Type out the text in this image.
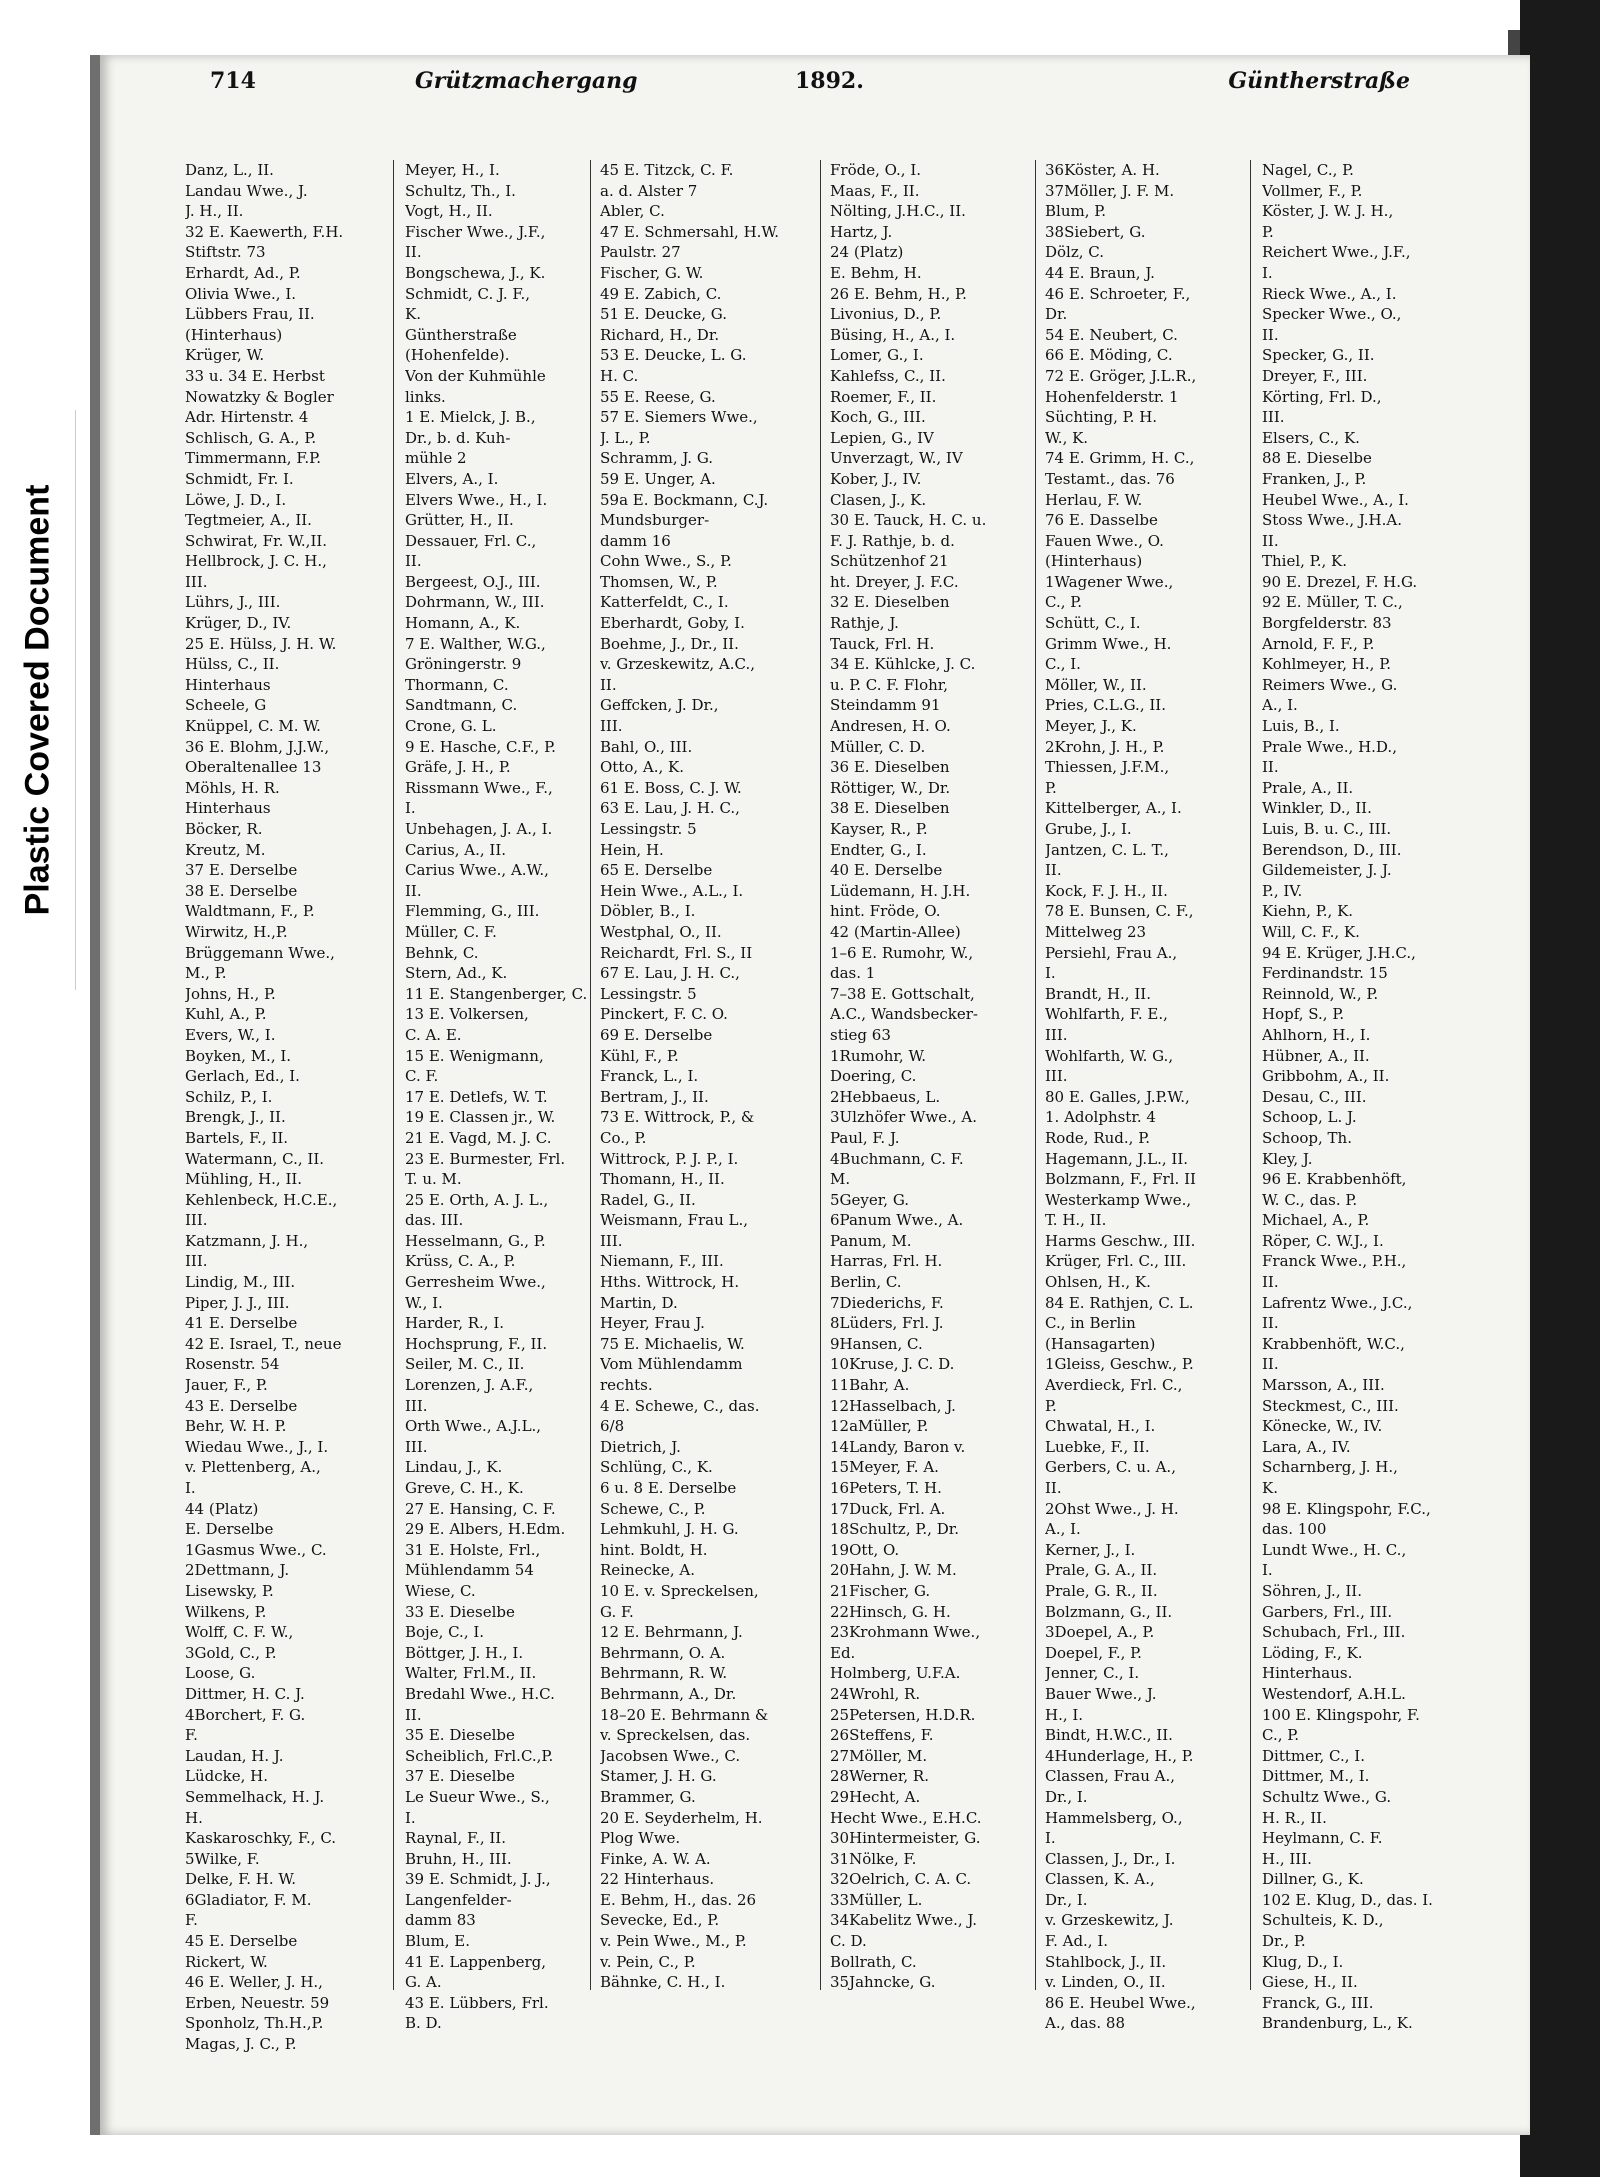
Plastic Covered Document
714	Grützmachergang	1892.	Güntherstraße
Danz, L., II.
Landau Wwe., J.
J. H., II.
32 E. Kaewerth, F.H.
Stiftstr. 73
Erhardt, Ad., P.
Olivia Wwe., I.
Lübbers Frau, II.
(Hinterhaus)
Krüger, W.
33 u. 34 E. Herbst
Nowatzky & Bogler
Adr. Hirtenstr. 4
Schlisch, G. A., P.
Timmermann, F.P.
Schmidt, Fr. I.
Löwe, J. D., I.
Tegtmeier, A., II.
Schwirat, Fr. W.,II.
Hellbrock, J. C. H.,
III.
Lührs, J., III.
Krüger, D., IV.
25 E. Hülss, J. H. W.
Hülss, C., II.
Hinterhaus
Scheele, G
Knüppel, C. M. W.
36 E. Blohm, J.J.W.,
Oberaltenallee 13
Möhls, H. R.
Hinterhaus
Böcker, R.
Kreutz, M.
37 E. Derselbe
38 E. Derselbe
Waldtmann, F., P.
Wirwitz, H.,P.
Brüggemann Wwe.,
M., P.
Johns, H., P.
Kuhl, A., P.
Evers, W., I.
Boyken, M., I.
Gerlach, Ed., I.
Schilz, P., I.
Brengk, J., II.
Bartels, F., II.
Watermann, C., II.
Mühling, H., II.
Kehlenbeck, H.C.E.,
III.
Katzmann, J. H.,
III.
Lindig, M., III.
Piper, J. J., III.
41 E. Derselbe
42 E. Israel, T., neue
Rosenstr. 54
Jauer, F., P.
43 E. Derselbe
Behr, W. H. P.
Wiedau Wwe., J., I.
v. Plettenberg, A.,
I.
44 (Platz)
E. Derselbe
1Gasmus Wwe., C.
2Dettmann, J.
Lisewsky, P.
Wilkens, P.
Wolff, C. F. W.,
3Gold, C., P.
Loose, G.
Dittmer, H. C. J.
4Borchert, F. G.
F.
Laudan, H. J.
Lüdcke, H.
Semmelhack, H. J.
H.
Kaskaroschky, F., C.
5Wilke, F.
Delke, F. H. W.
6Gladiator, F. M.
F.
45 E. Derselbe
Rickert, W.
46 E. Weller, J. H.,
Erben, Neuestr. 59
Sponholz, Th.H.,P.
Magas, J. C., P.
Meyer, H., I.
Schultz, Th., I.
Vogt, H., II.
Fischer Wwe., J.F.,
II.
Bongschewa, J., K.
Schmidt, C. J. F.,
K.
Güntherstraße
(Hohenfelde).
Von der Kuhmühle
links.
1 E. Mielck, J. B.,
Dr., b. d. Kuh-
mühle 2
Elvers, A., I.
Elvers Wwe., H., I.
Grütter, H., II.
Dessauer, Frl. C.,
II.
Bergeest, O.J., III.
Dohrmann, W., III.
Homann, A., K.
7 E. Walther, W.G.,
Gröningerstr. 9
Thormann, C.
Sandtmann, C.
Crone, G. L.
9 E. Hasche, C.F., P.
Gräfe, J. H., P.
Rissmann Wwe., F.,
I.
Unbehagen, J. A., I.
Carius, A., II.
Carius Wwe., A.W.,
II.
Flemming, G., III.
Müller, C. F.
Behnk, C.
Stern, Ad., K.
11 E. Stangenberger, C.
13 E. Volkersen,
C. A. E.
15 E. Wenigmann,
C. F.
17 E. Detlefs, W. T.
19 E. Classen jr., W.
21 E. Vagd, M. J. C.
23 E. Burmester, Frl.
T. u. M.
25 E. Orth, A. J. L.,
das. III.
Hesselmann, G., P.
Krüss, C. A., P.
Gerresheim Wwe.,
W., I.
Harder, R., I.
Hochsprung, F., II.
Seiler, M. C., II.
Lorenzen, J. A.F.,
III.
Orth Wwe., A.J.L.,
III.
Lindau, J., K.
Greve, C. H., K.
27 E. Hansing, C. F.
29 E. Albers, H.Edm.
31 E. Holste, Frl.,
Mühlendamm 54
Wiese, C.
33 E. Dieselbe
Boje, C., I.
Böttger, J. H., I.
Walter, Frl.M., II.
Bredahl Wwe., H.C.
II.
35 E. Dieselbe
Scheiblich, Frl.C.,P.
37 E. Dieselbe
Le Sueur Wwe., S.,
I.
Raynal, F., II.
Bruhn, H., III.
39 E. Schmidt, J. J.,
Langenfelder-
damm 83
Blum, E.
41 E. Lappenberg,
G. A.
43 E. Lübbers, Frl.
B. D.
45 E. Titzck, C. F.
a. d. Alster 7
Abler, C.
47 E. Schmersahl, H.W.
Paulstr. 27
Fischer, G. W.
49 E. Zabich, C.
51 E. Deucke, G.
Richard, H., Dr.
53 E. Deucke, L. G.
H. C.
55 E. Reese, G.
57 E. Siemers Wwe.,
J. L., P.
Schramm, J. G.
59 E. Unger, A.
59a E. Bockmann, C.J.
Mundsburger-
damm 16
Cohn Wwe., S., P.
Thomsen, W., P.
Katterfeldt, C., I.
Eberhardt, Goby, I.
Boehme, J., Dr., II.
v. Grzeskewitz, A.C.,
II.
Geffcken, J. Dr.,
III.
Bahl, O., III.
Otto, A., K.
61 E. Boss, C. J. W.
63 E. Lau, J. H. C.,
Lessingstr. 5
Hein, H.
65 E. Derselbe
Hein Wwe., A.L., I.
Döbler, B., I.
Westphal, O., II.
Reichardt, Frl. S., II
67 E. Lau, J. H. C.,
Lessingstr. 5
Pinckert, F. C. O.
69 E. Derselbe
Kühl, F., P.
Franck, L., I.
Bertram, J., II.
73 E. Wittrock, P., &
Co., P.
Wittrock, P. J. P., I.
Thomann, H., II.
Radel, G., II.
Weismann, Frau L.,
III.
Niemann, F., III.
Hths. Wittrock, H.
Martin, D.
Heyer, Frau J.
75 E. Michaelis, W.
Vom Mühlendamm
rechts.
4 E. Schewe, C., das.
6/8
Dietrich, J.
Schlüng, C., K.
6 u. 8 E. Derselbe
Schewe, C., P.
Lehmkuhl, J. H. G.
hint. Boldt, H.
Reinecke, A.
10 E. v. Spreckelsen,
G. F.
12 E. Behrmann, J.
Behrmann, O. A.
Behrmann, R. W.
Behrmann, A., Dr.
18–20 E. Behrmann &
v. Spreckelsen, das.
Jacobsen Wwe., C.
Stamer, J. H. G.
Brammer, G.
20 E. Seyderhelm, H.
Plog Wwe.
Finke, A. W. A.
22 Hinterhaus.
E. Behm, H., das. 26
Sevecke, Ed., P.
v. Pein Wwe., M., P.
v. Pein, C., P.
Bähnke, C. H., I.
Fröde, O., I.
Maas, F., II.
Nölting, J.H.C., II.
Hartz, J.
24 (Platz)
E. Behm, H.
26 E. Behm, H., P.
Livonius, D., P.
Büsing, H., A., I.
Lomer, G., I.
Kahlefss, C., II.
Roemer, F., II.
Koch, G., III.
Lepien, G., IV
Unverzagt, W., IV
Kober, J., IV.
Clasen, J., K.
30 E. Tauck, H. C. u.
F. J. Rathje, b. d.
Schützenhof 21
ht. Dreyer, J. F.C.
32 E. Dieselben
Rathje, J.
Tauck, Frl. H.
34 E. Kühlcke, J. C.
u. P. C. F. Flohr,
Steindamm 91
Andresen, H. O.
Müller, C. D.
36 E. Dieselben
Röttiger, W., Dr.
38 E. Dieselben
Kayser, R., P.
Endter, G., I.
40 E. Derselbe
Lüdemann, H. J.H.
hint. Fröde, O.
42 (Martin-Allee)
1–6 E. Rumohr, W.,
das. 1
7–38 E. Gottschalt,
A.C., Wandsbecker-
stieg 63
1Rumohr, W.
Doering, C.
2Hebbaeus, L.
3Ulzhöfer Wwe., A.
Paul, F. J.
4Buchmann, C. F.
M.
5Geyer, G.
6Panum Wwe., A.
Panum, M.
Harras, Frl. H.
Berlin, C.
7Diederichs, F.
8Lüders, Frl. J.
9Hansen, C.
10Kruse, J. C. D.
11Bahr, A.
12Hasselbach, J.
12aMüller, P.
14Landy, Baron v.
15Meyer, F. A.
16Peters, T. H.
17Duck, Frl. A.
18Schultz, P., Dr.
19Ott, O.
20Hahn, J. W. M.
21Fischer, G.
22Hinsch, G. H.
23Krohmann Wwe.,
Ed.
Holmberg, U.F.A.
24Wrohl, R.
25Petersen, H.D.R.
26Steffens, F.
27Möller, M.
28Werner, R.
29Hecht, A.
Hecht Wwe., E.H.C.
30Hintermeister, G.
31Nölke, F.
32Oelrich, C. A. C.
33Müller, L.
34Kabelitz Wwe., J.
C. D.
Bollrath, C.
35Jahncke, G.
36Köster, A. H.
37Möller, J. F. M.
Blum, P.
38Siebert, G.
Dölz, C.
44 E. Braun, J.
46 E. Schroeter, F.,
Dr.
54 E. Neubert, C.
66 E. Möding, C.
72 E. Gröger, J.L.R.,
Hohenfelderstr. 1
Süchting, P. H.
W., K.
74 E. Grimm, H. C.,
Testamt., das. 76
Herlau, F. W.
76 E. Dasselbe
Fauen Wwe., O.
(Hinterhaus)
1Wagener Wwe.,
C., P.
Schütt, C., I.
Grimm Wwe., H.
C., I.
Möller, W., II.
Pries, C.L.G., II.
Meyer, J., K.
2Krohn, J. H., P.
Thiessen, J.F.M.,
P.
Kittelberger, A., I.
Grube, J., I.
Jantzen, C. L. T.,
II.
Kock, F. J. H., II.
78 E. Bunsen, C. F.,
Mittelweg 23
Persiehl, Frau A.,
I.
Brandt, H., II.
Wohlfarth, F. E.,
III.
Wohlfarth, W. G.,
III.
80 E. Galles, J.P.W.,
1. Adolphstr. 4
Rode, Rud., P.
Hagemann, J.L., II.
Bolzmann, F., Frl. II
Westerkamp Wwe.,
T. H., II.
Harms Geschw., III.
Krüger, Frl. C., III.
Ohlsen, H., K.
84 E. Rathjen, C. L.
C., in Berlin
(Hansagarten)
1Gleiss, Geschw., P.
Averdieck, Frl. C.,
P.
Chwatal, H., I.
Luebke, F., II.
Gerbers, C. u. A.,
II.
2Ohst Wwe., J. H.
A., I.
Kerner, J., I.
Prale, G. A., II.
Prale, G. R., II.
Bolzmann, G., II.
3Doepel, A., P.
Doepel, F., P.
Jenner, C., I.
Bauer Wwe., J.
H., I.
Bindt, H.W.C., II.
4Hunderlage, H., P.
Classen, Frau A.,
Dr., I.
Hammelsberg, O.,
I.
Classen, J., Dr., I.
Classen, K. A.,
Dr., I.
v. Grzeskewitz, J.
F. Ad., I.
Stahlbock, J., II.
v. Linden, O., II.
86 E. Heubel Wwe.,
A., das. 88
Nagel, C., P.
Vollmer, F., P.
Köster, J. W. J. H.,
P.
Reichert Wwe., J.F.,
I.
Rieck Wwe., A., I.
Specker Wwe., O.,
II.
Specker, G., II.
Dreyer, F., III.
Körting, Frl. D.,
III.
Elsers, C., K.
88 E. Dieselbe
Franken, J., P.
Heubel Wwe., A., I.
Stoss Wwe., J.H.A.
II.
Thiel, P., K.
90 E. Drezel, F. H.G.
92 E. Müller, T. C.,
Borgfelderstr. 83
Arnold, F. F., P.
Kohlmeyer, H., P.
Reimers Wwe., G.
A., I.
Luis, B., I.
Prale Wwe., H.D.,
II.
Prale, A., II.
Winkler, D., II.
Luis, B. u. C., III.
Berendson, D., III.
Gildemeister, J. J.
P., IV.
Kiehn, P., K.
Will, C. F., K.
94 E. Krüger, J.H.C.,
Ferdinandstr. 15
Reinnold, W., P.
Hopf, S., P.
Ahlhorn, H., I.
Hübner, A., II.
Gribbohm, A., II.
Desau, C., III.
Schoop, L. J.
Schoop, Th.
Kley, J.
96 E. Krabbenhöft,
W. C., das. P.
Michael, A., P.
Röper, C. W.J., I.
Franck Wwe., P.H.,
II.
Lafrentz Wwe., J.C.,
II.
Krabbenhöft, W.C.,
II.
Marsson, A., III.
Steckmest, C., III.
Könecke, W., IV.
Lara, A., IV.
Scharnberg, J. H.,
K.
98 E. Klingspohr, F.C.,
das. 100
Lundt Wwe., H. C.,
I.
Söhren, J., II.
Garbers, Frl., III.
Schubach, Frl., III.
Löding, F., K.
Hinterhaus.
Westendorf, A.H.L.
100 E. Klingspohr, F.
C., P.
Dittmer, C., I.
Dittmer, M., I.
Schultz Wwe., G.
H. R., II.
Heylmann, C. F.
H., III.
Dillner, G., K.
102 E. Klug, D., das. I.
Schulteis, K. D.,
Dr., P.
Klug, D., I.
Giese, H., II.
Franck, G., III.
Brandenburg, L., K.
